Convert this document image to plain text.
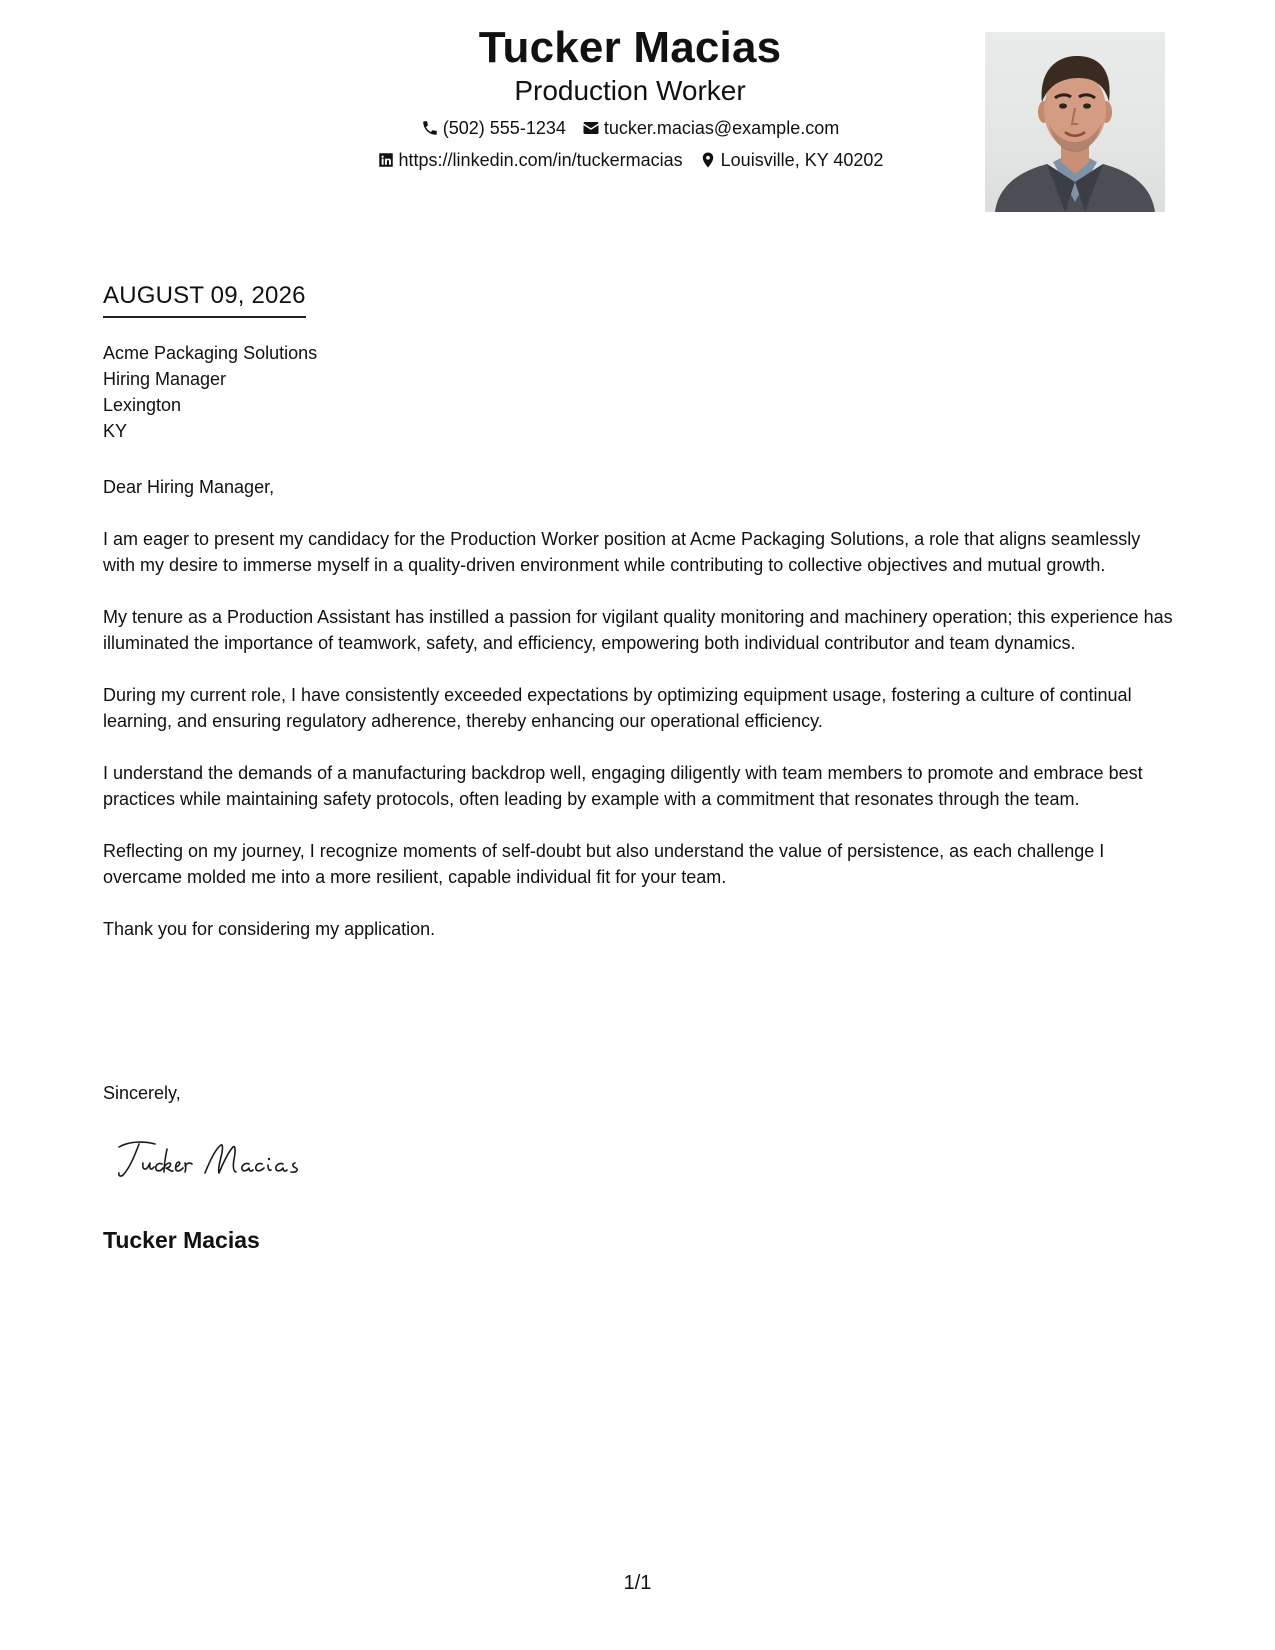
Tucker Macias
Production Worker
(502) 555-1234 tucker.macias@example.com
https://linkedin.com/in/tuckermacias Louisville, KY 40202
AUGUST 09, 2026
Acme Packaging Solutions
Hiring Manager
Lexington
KY

Dear Hiring Manager,

I am eager to present my candidacy for the Production Worker position at Acme Packaging Solutions, a role that aligns seamlessly with my desire to immerse myself in a quality-driven environment while contributing to collective objectives and mutual growth.

My tenure as a Production Assistant has instilled a passion for vigilant quality monitoring and machinery operation; this experience has illuminated the importance of teamwork, safety, and efficiency, empowering both individual contributor and team dynamics.

During my current role, I have consistently exceeded expectations by optimizing equipment usage, fostering a culture of continual learning, and ensuring regulatory adherence, thereby enhancing our operational efficiency.

I understand the demands of a manufacturing backdrop well, engaging diligently with team members to promote and embrace best practices while maintaining safety protocols, often leading by example with a commitment that resonates through the team.

Reflecting on my journey, I recognize moments of self-doubt but also understand the value of persistence, as each challenge I overcame molded me into a more resilient, capable individual fit for your team.

Thank you for considering my application.

Sincerely,
Tucker Macias
1/1
